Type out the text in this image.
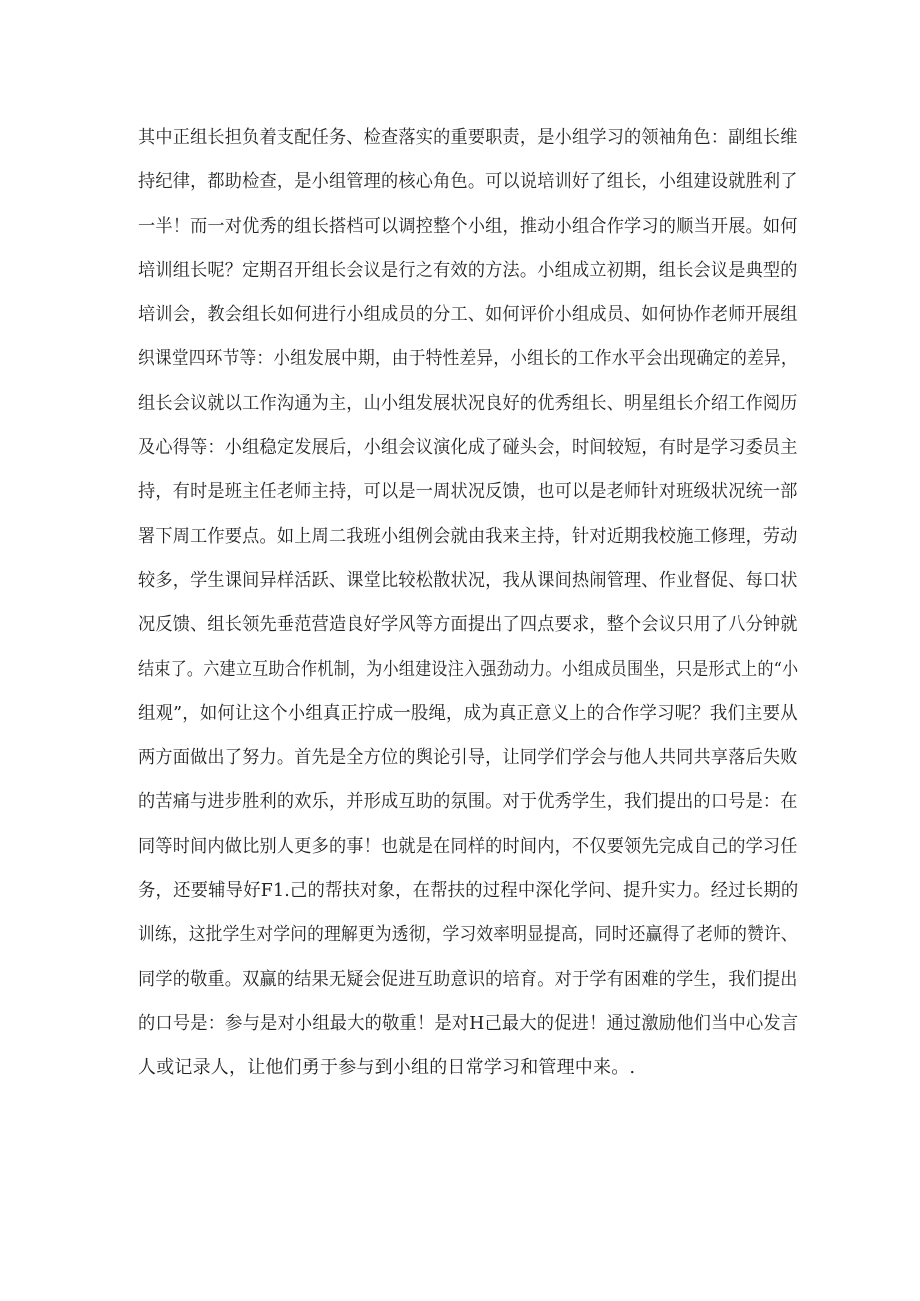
其中正组长担负着支配任务、检查落实的重要职责，是小组学习的领袖角色：副组长维
持纪律，都助检查，是小组管理的核心角色。可以说培训好了组长，小组建设就胜利了
一半！而一对优秀的组长搭档可以调控整个小组，推动小组合作学习的顺当开展。如何
培训组长呢？定期召开组长会议是行之有效的方法。小组成立初期，组长会议是典型的
培训会，教会组长如何进行小组成员的分工、如何评价小组成员、如何协作老师开展组
织课堂四环节等：小组发展中期，由于特性差异，小组长的工作水平会出现确定的差异，
组长会议就以工作沟通为主，山小组发展状况良好的优秀组长、明星组长介绍工作阅历
及心得等：小组稳定发展后，小组会议演化成了碰头会，时间较短，有时是学习委员主
持，有时是班主任老师主持，可以是一周状况反馈，也可以是老师针对班级状况统一部
署下周工作要点。如上周二我班小组例会就由我来主持，针对近期我校施工修理，劳动
较多，学生课间异样活跃、课堂比较松散状况，我从课间热闹管理、作业督促、每口状
况反馈、组长领先垂范营造良好学风等方面提出了四点要求，整个会议只用了八分钟就
结束了。六建立互助合作机制，为小组建设注入强劲动力。小组成员围坐，只是形式上的“小
组观”，如何让这个小组真正拧成一股绳，成为真正意义上的合作学习呢？我们主要从
两方面做出了努力。首先是全方位的舆论引导，让同学们学会与他人共同共享落后失败
的苦痛与进步胜利的欢乐，并形成互助的氛围。对于优秀学生，我们提出的口号是：在
同等时间内做比别人更多的事！也就是在同样的时间内，不仅要领先完成自己的学习任
务，还要辅导好F1.己的帮扶对象，在帮扶的过程中深化学问、提升实力。经过长期的
训练，这批学生对学问的理解更为透彻，学习效率明显提高，同时还赢得了老师的赞许、
同学的敬重。双赢的结果无疑会促进互助意识的培育。对于学有困难的学生，我们提出
的口号是：参与是对小组最大的敬重！是对H己最大的促进！通过激励他们当中心发言
人或记录人，让他们勇于参与到小组的日常学习和管理中来。.
